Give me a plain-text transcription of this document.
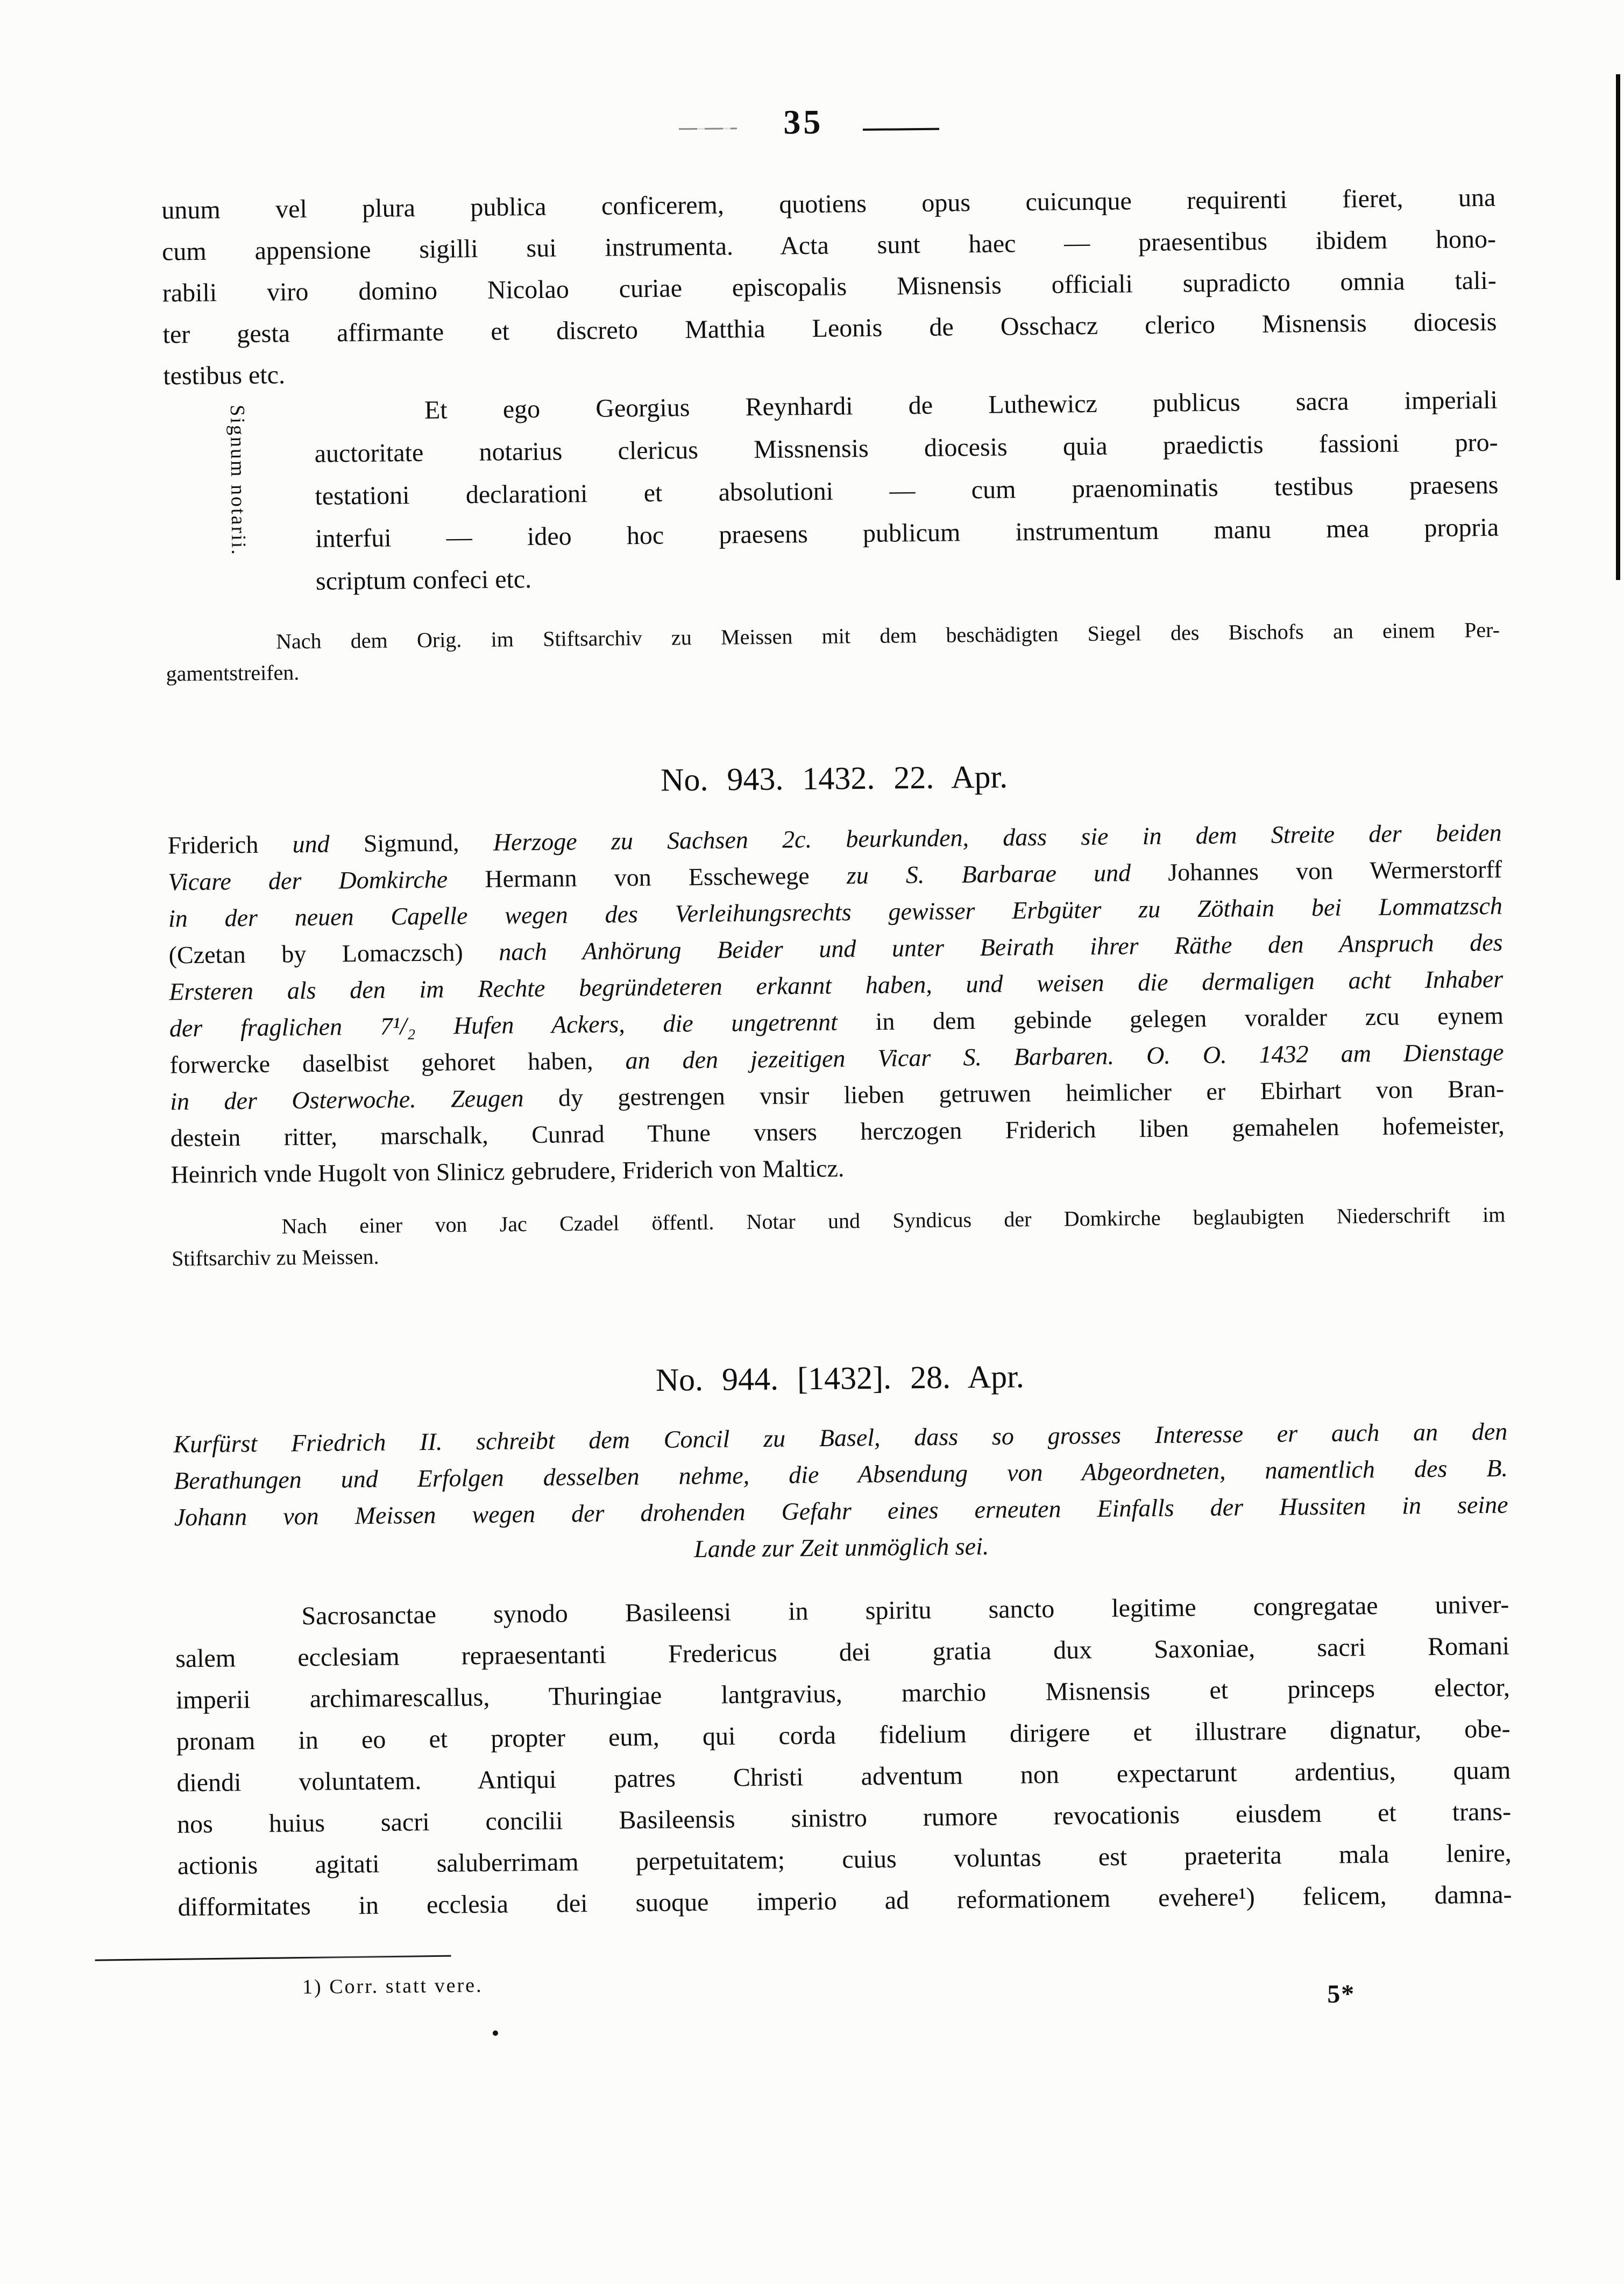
35
Signum notarii.
unum vel plura publica conficerem, quotiens opus cuicunque requirenti fieret, una
cum appensione sigilli sui instrumenta. Acta sunt haec — praesentibus ibidem hono-
rabili viro domino Nicolao curiae episcopalis Misnensis officiali supradicto omnia tali-
ter gesta affirmante et discreto Matthia Leonis de Osschacz clerico Misnensis diocesis
testibus etc.
Et ego Georgius Reynhardi de Luthewicz publicus sacra imperiali
auctoritate notarius clericus Missnensis diocesis quia praedictis fassioni pro-
testationi declarationi et absolutioni — cum praenominatis testibus praesens
interfui — ideo hoc praesens publicum instrumentum manu mea propria
scriptum confeci etc.
Nach dem Orig. im Stiftsarchiv zu Meissen mit dem beschädigten Siegel des Bischofs an einem Per-
gamentstreifen.
No. 943. 1432. 22. Apr.
Friderich und Sigmund, Herzoge zu Sachsen 2c. beurkunden, dass sie in dem Streite der beiden
Vicare der Domkirche Hermann von Esschewege zu S. Barbarae und Johannes von Wermerstorff
in der neuen Capelle wegen des Verleihungsrechts gewisser Erbgüter zu Zöthain bei Lommatzsch
(Czetan by Lomaczsch) nach Anhörung Beider und unter Beirath ihrer Räthe den Anspruch des
Ersteren als den im Rechte begründeteren erkannt haben, und weisen die dermaligen acht Inhaber
der fraglichen 7¹/₂ Hufen Ackers, die ungetrennt in dem gebinde gelegen voralder zcu eynem
forwercke daselbist gehoret haben, an den jezeitigen Vicar S. Barbaren. O. O. 1432 am Dienstage
in der Osterwoche. Zeugen dy gestrengen vnsir lieben getruwen heimlicher er Ebirhart von Bran-
destein ritter, marschalk, Cunrad Thune vnsers herczogen Friderich liben gemahelen hofemeister,
Heinrich vnde Hugolt von Slinicz gebrudere, Friderich von Malticz.
Nach einer von Jac Czadel öffentl. Notar und Syndicus der Domkirche beglaubigten Niederschrift im
Stiftsarchiv zu Meissen.
No. 944. [1432]. 28. Apr.
Kurfürst Friedrich II. schreibt dem Concil zu Basel, dass so grosses Interesse er auch an den
Berathungen und Erfolgen desselben nehme, die Absendung von Abgeordneten, namentlich des B.
Johann von Meissen wegen der drohenden Gefahr eines erneuten Einfalls der Hussiten in seine
Lande zur Zeit unmöglich sei.
Sacrosanctae synodo Basileensi in spiritu sancto legitime congregatae univer-
salem ecclesiam repraesentanti Fredericus dei gratia dux Saxoniae, sacri Romani
imperii archimarescallus, Thuringiae lantgravius, marchio Misnensis et princeps elector,
pronam in eo et propter eum, qui corda fidelium dirigere et illustrare dignatur, obe-
diendi voluntatem. Antiqui patres Christi adventum non expectarunt ardentius, quam
nos huius sacri concilii Basileensis sinistro rumore revocationis eiusdem et trans-
actionis agitati saluberrimam perpetuitatem; cuius voluntas est praeterita mala lenire,
difformitates in ecclesia dei suoque imperio ad reformationem evehere¹) felicem, damna-
1) Corr. statt vere.	5*
